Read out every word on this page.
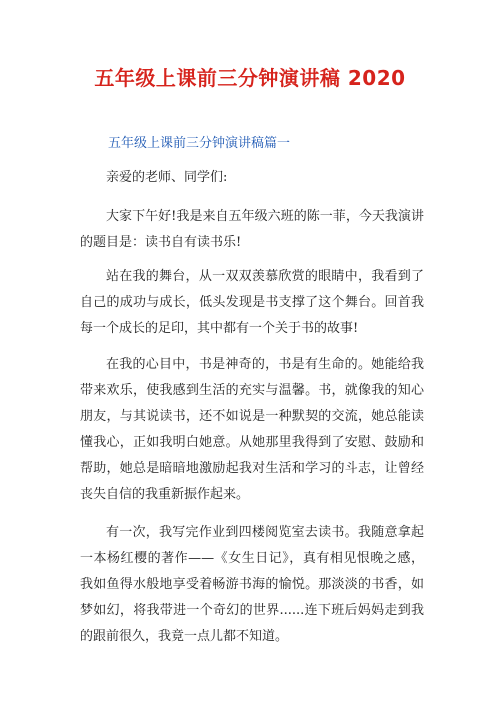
五年级上课前三分钟演讲稿 2020
五年级上课前三分钟演讲稿篇一

亲爱的老师、同学们:

大家下午好!我是来自五年级六班的陈一菲，今天我演讲的题目是：读书自有读书乐!

站在我的舞台，从一双双羡慕欣赏的眼睛中，我看到了自己的成功与成长，低头发现是书支撑了这个舞台。回首我每一个成长的足印，其中都有一个关于书的故事!

在我的心目中，书是神奇的，书是有生命的。她能给我带来欢乐，使我感到生活的充实与温馨。书，就像我的知心朋友，与其说读书，还不如说是一种默契的交流，她总能读懂我心，正如我明白她意。从她那里我得到了安慰、鼓励和帮助，她总是暗暗地激励起我对生活和学习的斗志，让曾经丧失自信的我重新振作起来。

有一次，我写完作业到四楼阅览室去读书。我随意拿起一本杨红樱的著作——《女生日记》，真有相见恨晚之感，我如鱼得水般地享受着畅游书海的愉悦。那淡淡的书香，如梦如幻，将我带进一个奇幻的世界......连下班后妈妈走到我的跟前很久，我竟一点儿都不知道。
